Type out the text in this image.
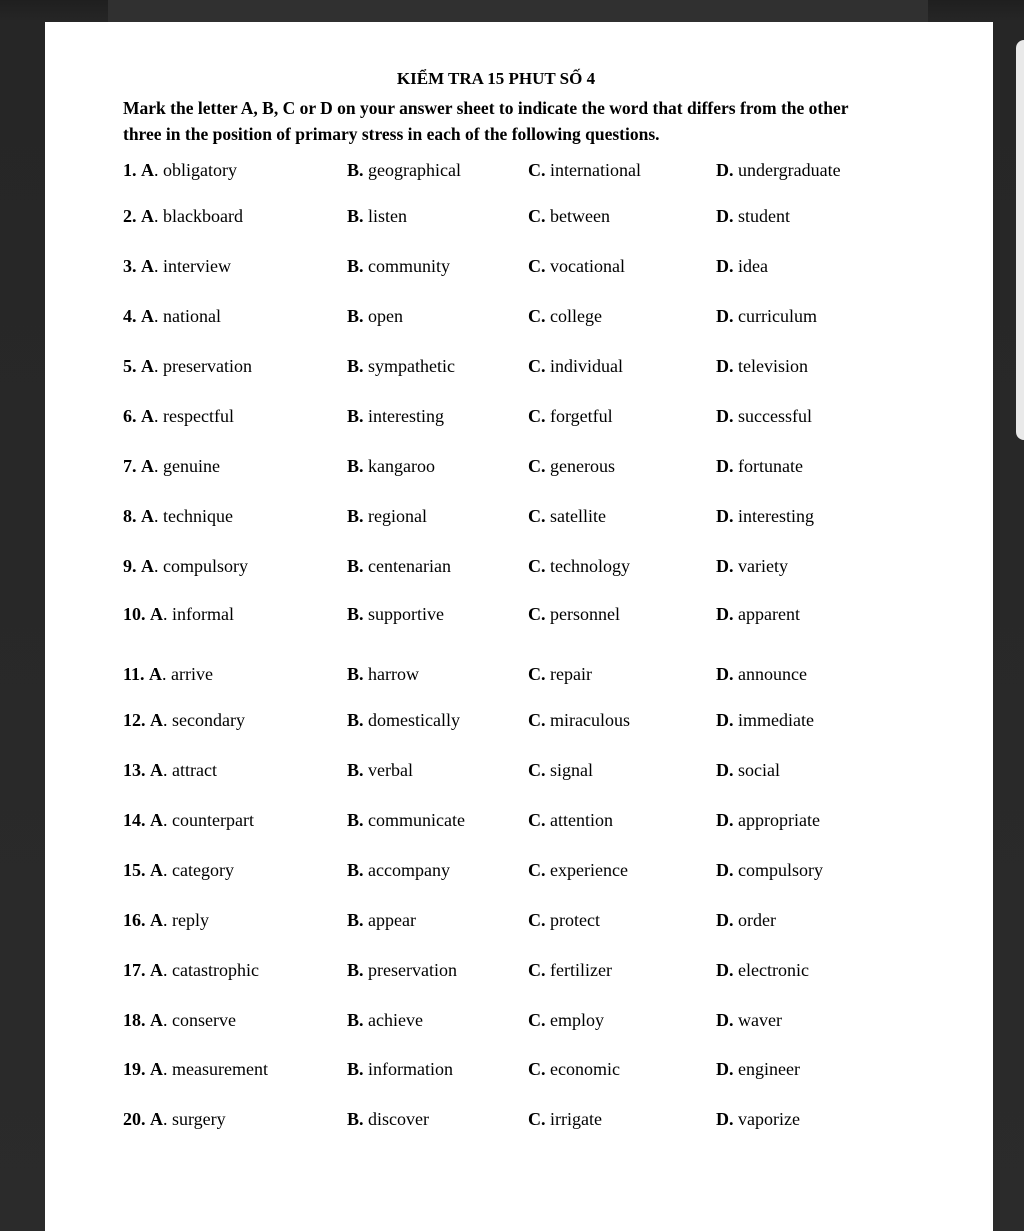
KIỂM TRA 15 PHUT SỐ 4
Mark the letter A, B, C or D on your answer sheet to indicate the word that differs from the other three in the position of primary stress in each of the following questions.
1. A. obligatory	B. geographical	C. international	D. undergraduate
2. A. blackboard	B. listen	C. between	D. student
3. A. interview	B. community	C. vocational	D. idea
4. A. national	B. open	C. college	D. curriculum
5. A. preservation	B. sympathetic	C. individual	D. television
6. A. respectful	B. interesting	C. forgetful	D. successful
7. A. genuine	B. kangaroo	C. generous	D. fortunate
8. A. technique	B. regional	C. satellite	D. interesting
9. A. compulsory	B. centenarian	C. technology	D. variety
10. A. informal	B. supportive	C. personnel	D. apparent
11. A. arrive	B. harrow	C. repair	D. announce
12. A. secondary	B. domestically	C. miraculous	D. immediate
13. A. attract	B. verbal	C. signal	D. social
14. A. counterpart	B. communicate	C. attention	D. appropriate
15. A. category	B. accompany	C. experience	D. compulsory
16. A. reply	B. appear	C. protect	D. order
17. A. catastrophic	B. preservation	C. fertilizer	D. electronic
18. A. conserve	B. achieve	C. employ	D. waver
19. A. measurement	B. information	C. economic	D. engineer
20. A. surgery	B. discover	C. irrigate	D. vaporize
